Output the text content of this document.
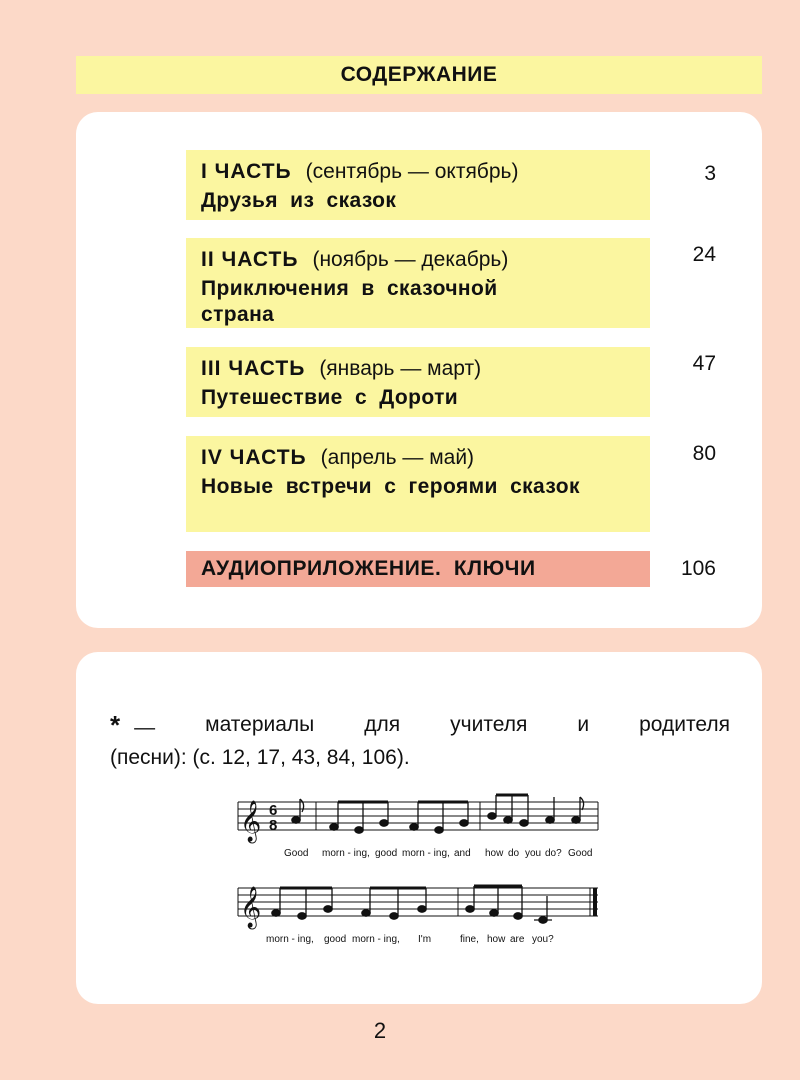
СОДЕРЖАНИЕ
I ЧАСТЬ (сентябрь — октябрь)
Друзья из сказок
3
II ЧАСТЬ (ноябрь — декабрь)
Приключения в сказочной страна
24
III ЧАСТЬ (январь — март)
Путешествие с Дороти
47
IV ЧАСТЬ (апрель — май)
Новые встречи с героями сказок
80
АУДИОПРИЛОЖЕНИЕ. КЛЮЧИ	106
* — материалы для учителя и родителя
(песни): (с. 12, 17, 43, 84, 106).
𝄞 6
8
Good morn - ing, good morn - ing, and how do you do? Good
𝄞
morn - ing, good morn - ing, I'm	fine, how are you?
2
